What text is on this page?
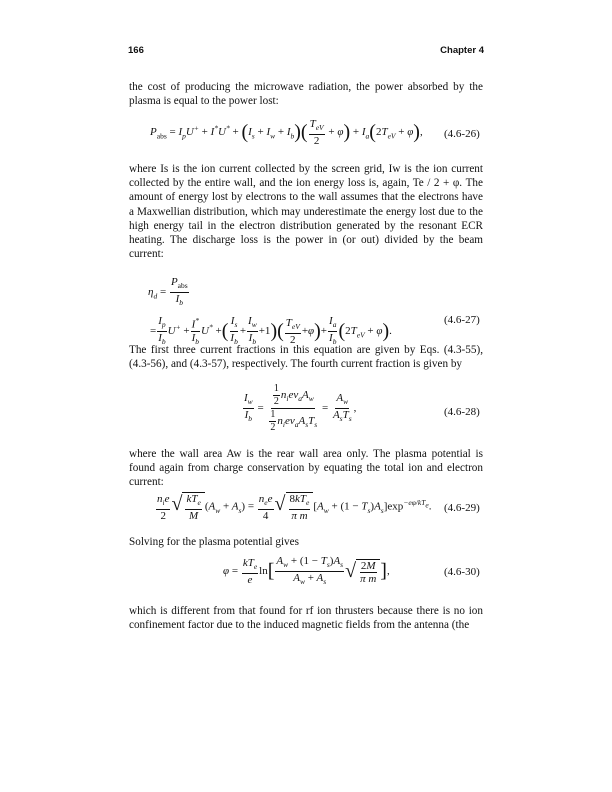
166	Chapter 4
the cost of producing the microwave radiation, the power absorbed by the plasma is equal to the power lost:
$P_{abs} = I_pU^+ + I^*U^* + (I_s + I_w + I_b)( \frac{T_{eV}}{2} + \varphi) + I_a(2T_{eV} + \varphi)$, (4.6-26)
where Is is the ion current collected by the screen grid, Iw is the ion current collected by the entire wall, and the ion energy loss is, again, Te / 2 + φ. The amount of energy lost by electrons to the wall assumes that the electrons have a Maxwellian distribution, which may underestimate the energy lost due to the high energy tail in the electron distribution generated by the resonant ECR heating. The discharge loss is the power in (or out) divided by the beam current:
$\eta_d = \frac{P_{abs}}{I_b}$
= $\frac{I_p}{I_b} U^+ + \frac{I^*}{I_b} U^*$ +( $\frac{I_s}{I_b} + \frac{I_w}{I_b} +1)( \frac{T_{eV}}{2} +\varphi)+ \frac{I_a}{I_b} (2T_{eV} + \varphi)$.
(4.6-27)
The first three current fractions in this equation are given by Eqs. (4.3-55), (4.3-56), and (4.3-57), respectively. The fourth current fraction is given by
$\frac{I_w}{I_b} = \frac{\frac{1}{2} n_iev_aA_w}{\frac{1}{2} n_iev_aA_sT_s} = \frac{A_w}{A_sT_s}$ ,	(4.6-28)
where the wall area Aw is the rear wall area only. The plasma potential is found again from charge conservation by equating the total ion and electron current:
$\frac{n_ie}{2}$ √ $\frac{kT_e}{M} (A_w + A_s) = \frac{n_ee}{4}$ √ $\frac{8kT_e}{\text{π m}} [A_w + (1 - T_s)A_s]\exp^{-e\varphi/kT_e}$. (4.6-29)
Solving for the plasma potential gives
$\varphi = \frac{kT_e}{e} \ln[ \frac{A_w + (1 - T_s)A_s}{A_w + A_s}$ √ $\frac{2M}{\text{π m}}$ ],	(4.6-30)
which is different from that found for rf ion thrusters because there is no ion confinement factor due to the induced magnetic fields from the antenna (the
